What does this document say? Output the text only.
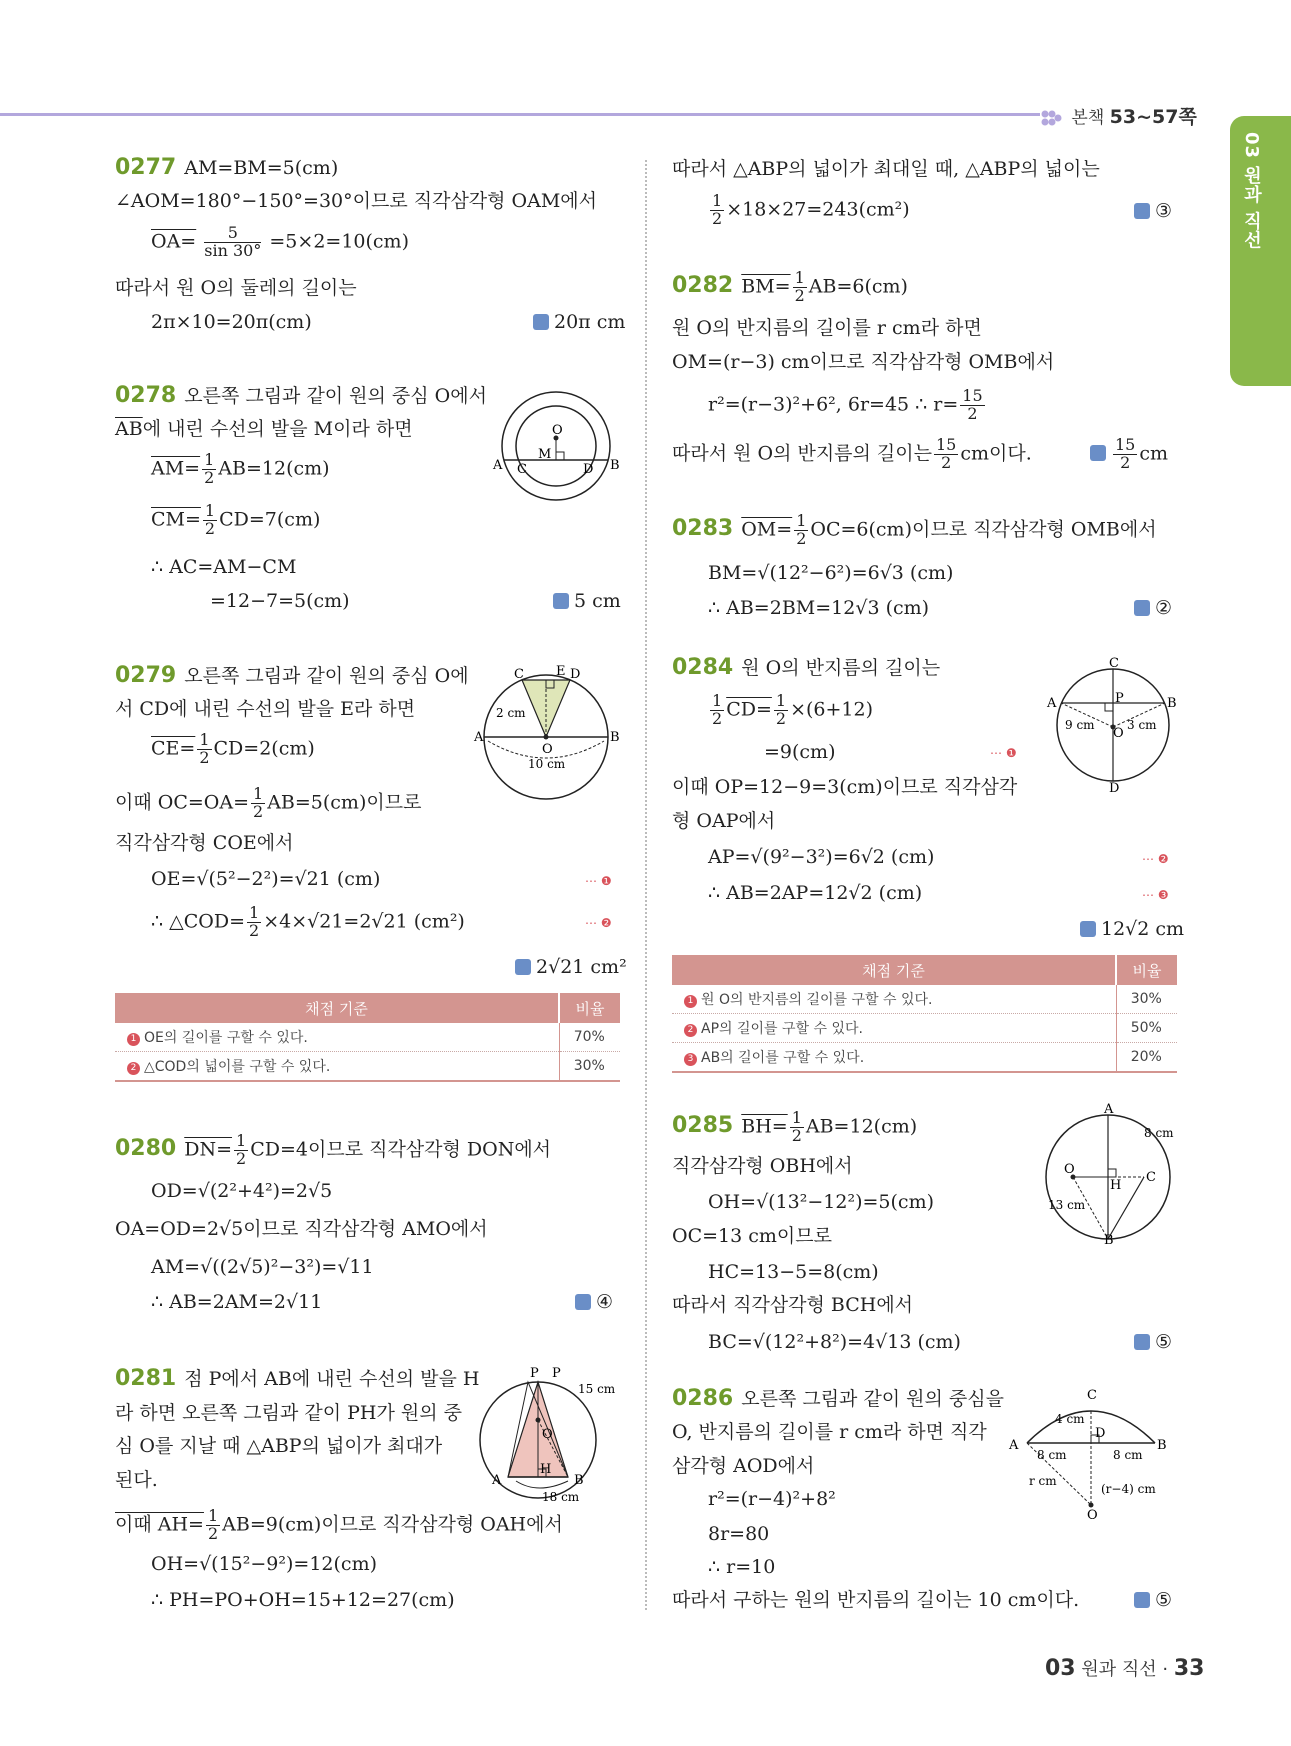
본책 53~57쪽
03 원과 직선
0277 AM=BM=5(cm)
∠AOM=180°−150°=30°이므로 직각삼각형 OAM에서
$OA= \frac{5}{\sin 30^\circ} =5\times 2=10(cm)$
따라서 원 O의 둘레의 길이는
2π×10=20π(cm)	20π cm
0278 오른쪽 그림과 같이 원의 중심 O에서
$\overline{AB}$에 내린 수선의 발을 M이라 하면
$AM= \frac{1}{2} AB=12(cm)$
$CM= \frac{1}{2} CD=7(cm)$
∴ AC=AM−CM
=12−7=5(cm)	5 cm
0279 오른쪽 그림과 같이 원의 중심 O에
서 CD에 내린 수선의 발을 E라 하면
$CE= \frac{1}{2} CD=2(cm)$
이때 $OC=OA= \frac{1}{2} AB=5(cm)$이므로
직각삼각형 COE에서
OE=√(5²−2²)=√21 (cm)	⋯ ❶
∴ △COD= $\frac{1}{2} \times 4\times√21=2√21$ (cm²)	⋯ ❷
2√21 cm²
0280 $DN= \frac{1}{2} CD=4$이므로 직각삼각형 DON에서
OD=√(2²+4²)=2√5
OA=OD=2√5이므로 직각삼각형 AMO에서
AM=√((2√5)²−3²)=√11
∴ AB=2AM=2√11	④
0281 점 P에서 AB에 내린 수선의 발을 H
라 하면 오른쪽 그림과 같이 PH가 원의 중
심 O를 지날 때 △ABP의 넓이가 최대가
된다.
이때 $AH= \frac{1}{2} AB=9(cm)$이므로 직각삼각형 OAH에서
OH=√(15²−9²)=12(cm)
∴ PH=PO+OH=15+12=27(cm)
채점 기준	비율
1 OE의 길이를 구할 수 있다.	70%
2 △COD의 넓이를 구할 수 있다.	30%
O
M
A	B
C	D
C E D
A	B
O
2 cm
10 cm
P P
15 cm
O
A
H
B
18 cm
따라서 △ABP의 넓이가 최대일 때, △ABP의 넓이는
$\frac{1}{2} \times 18\times 27=243(cm^2)$	③
0282 $BM= \frac{1}{2} AB=6(cm)$
원 O의 반지름의 길이를 r cm라 하면
OM=(r−3) cm이므로 직각삼각형 OMB에서
r²=(r−3)²+6², 6r=45 ∴ $r= \frac{15}{2}$
따라서 원 O의 반지름의 길이는 $\frac{15}{2}$ cm이다.	$\frac{15}{2}$ cm
0283 $OM= \frac{1}{2} OC=6(cm)$이므로 직각삼각형 OMB에서
BM=√(12²−6²)=6√3 (cm)
∴ AB=2BM=12√3 (cm)	②
0284 원 O의 반지름의 길이는
$\frac{1}{2} CD= \frac{1}{2} \times(6+12)$
=9(cm)	⋯ ❶
이때 OP=12−9=3(cm)이므로 직각삼각
형 OAP에서
AP=√(9²−3²)=6√2 (cm)	⋯ ❷
∴ AB=2AP=12√2 (cm)	⋯ ❸
12√2 cm
0285 $BH= \frac{1}{2} AB=12(cm)$
직각삼각형 OBH에서
OH=√(13²−12²)=5(cm)
OC=13 cm이므로
HC=13−5=8(cm)
따라서 직각삼각형 BCH에서
BC=√(12²+8²)=4√13 (cm)	⑤
0286 오른쪽 그림과 같이 원의 중심을
O, 반지름의 길이를 r cm라 하면 직각
삼각형 AOD에서
r²=(r−4)²+8²
8r=80
∴ r=10
따라서 구하는 원의 반지름의 길이는 10 cm이다.	⑤
채점 기준	비율
1 원 O의 반지름의 길이를 구할 수 있다.	30%
2 AP의 길이를 구할 수 있다.	50%
3 AB의 길이를 구할 수 있다.	20%
C
A	P	B
O
D
9 cm	3 cm
A
8 cm
O
H
C
13 cm
B
C
4 cm
D
A	B
8 cm	8 cm
r cm
(r−4) cm
O
03 원과 직선 · 33
